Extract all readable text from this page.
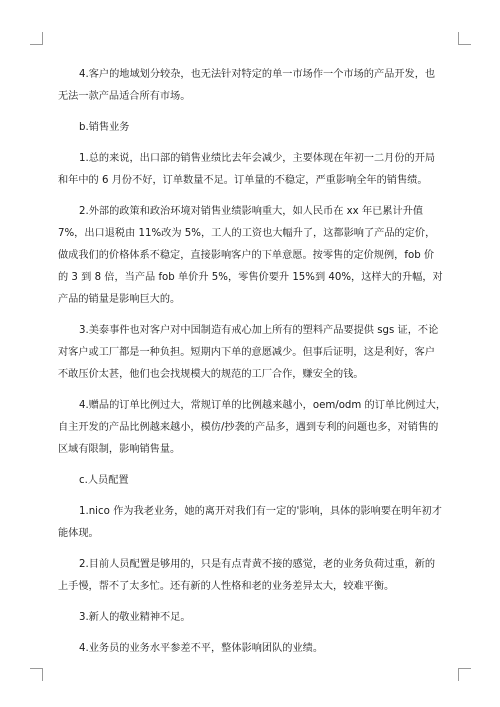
4.客户的地域划分较杂，也无法针对特定的单一市场作一个市场的产品开发，也
无法一款产品适合所有市场。
b.销售业务
1.总的来说，出口部的销售业绩比去年会减少，主要体现在年初一二月份的开局
和年中的 6 月份不好，订单数量不足。订单量的不稳定，严重影响全年的销售绩。
2.外部的政策和政治环境对销售业绩影响重大，如人民币在 xx 年已累计升值
7%，出口退税由 11%改为 5%，工人的工资也大幅升了，这都影响了产品的定价，
做成我们的价格体系不稳定，直接影响客户的下单意愿。按零售的定价规例，fob 价
的 3 到 8 倍，当产品 fob 单价升 5%，零售价要升 15%到 40%，这样大的升幅，对
产品的销量是影响巨大的。
3.美泰事件也对客户对中国制造有戒心加上所有的塑料产品要提供 sgs 证，不论
对客户或工厂都是一种负担。短期内下单的意愿减少。但事后证明，这是利好，客户
不敢压价太甚，他们也会找规模大的规范的工厂合作，赚安全的钱。
4.赠品的订单比例过大，常规订单的比例越来越小，oem/odm 的订单比例过大，
自主开发的产品比例越来越小，模仿/抄袭的产品多，遇到专利的问题也多，对销售的
区域有限制，影响销售量。
c.人员配置
1.nico 作为我老业务，她的离开对我们有一定的'影响，具体的影响要在明年初才
能体现。
2.目前人员配置是够用的，只是有点青黄不接的感觉，老的业务负荷过重，新的
上手慢，帮不了太多忙。还有新的人性格和老的业务差异太大，较难平衡。
3.新人的敬业精神不足。
4.业务员的业务水平参差不平，整体影响团队的业绩。
